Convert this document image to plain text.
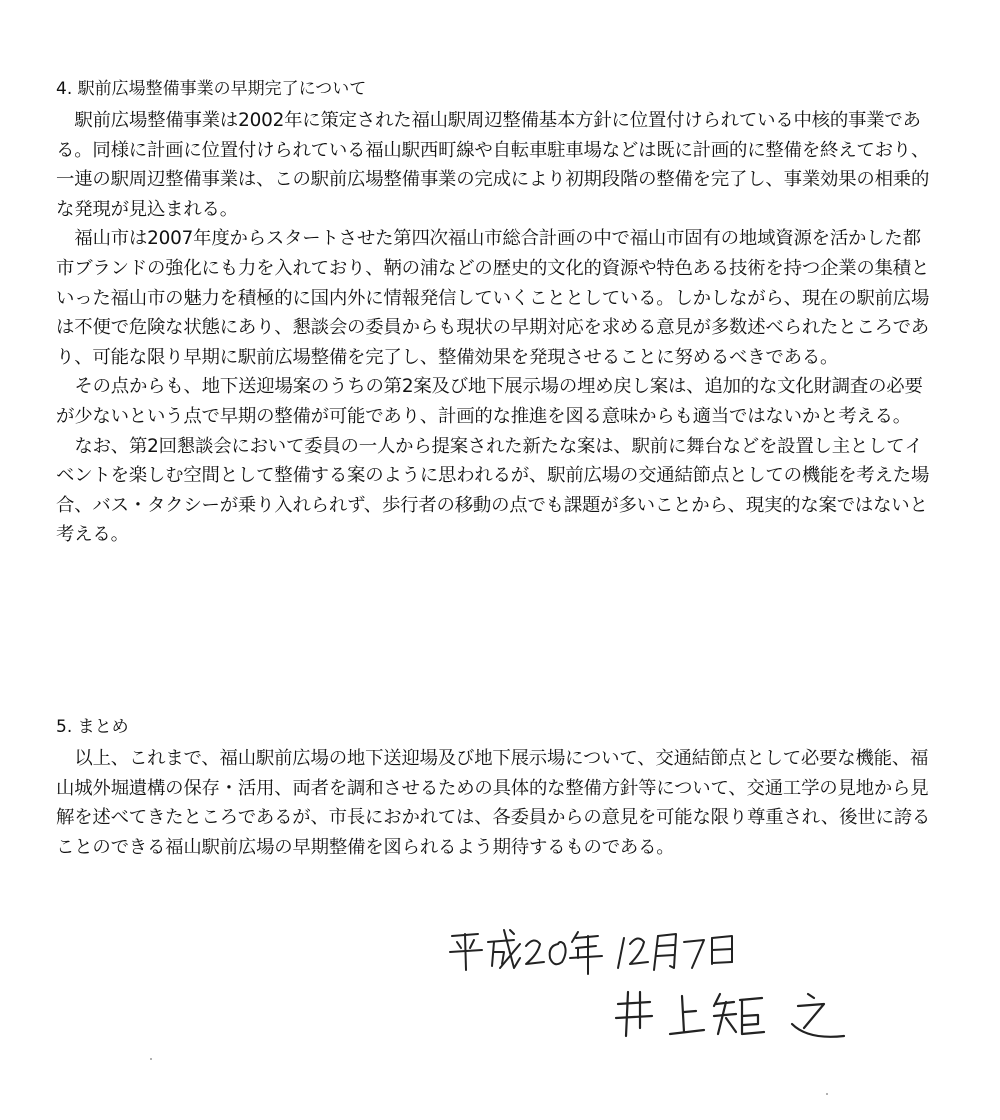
4. 駅前広場整備事業の早期完了について

駅前広場整備事業は2002年に策定された福山駅周辺整備基本方針に位置付けられている中核的事業である。同様に計画に位置付けられている福山駅西町線や自転車駐車場などは既に計画的に整備を終えており、一連の駅周辺整備事業は、この駅前広場整備事業の完成により初期段階の整備を完了し、事業効果の相乗的な発現が見込まれる。

福山市は2007年度からスタートさせた第四次福山市総合計画の中で福山市固有の地域資源を活かした都市ブランドの強化にも力を入れており、鞆の浦などの歴史的文化的資源や特色ある技術を持つ企業の集積といった福山市の魅力を積極的に国内外に情報発信していくこととしている。しかしながら、現在の駅前広場は不便で危険な状態にあり、懇談会の委員からも現状の早期対応を求める意見が多数述べられたところであり、可能な限り早期に駅前広場整備を完了し、整備効果を発現させることに努めるべきである。

その点からも、地下送迎場案のうちの第2案及び地下展示場の埋め戻し案は、追加的な文化財調査の必要が少ないという点で早期の整備が可能であり、計画的な推進を図る意味からも適当ではないかと考える。

なお、第2回懇談会において委員の一人から提案された新たな案は、駅前に舞台などを設置し主としてイベントを楽しむ空間として整備する案のように思われるが、駅前広場の交通結節点としての機能を考えた場合、バス・タクシーが乗り入れられず、歩行者の移動の点でも課題が多いことから、現実的な案ではないと考える。

5. まとめ

以上、これまで、福山駅前広場の地下送迎場及び地下展示場について、交通結節点として必要な機能、福山城外堀遺構の保存・活用、両者を調和させるための具体的な整備方針等について、交通工学の見地から見解を述べてきたところであるが、市長におかれては、各委員からの意見を可能な限り尊重され、後世に誇ることのできる福山駅前広場の早期整備を図られるよう期待するものである。
